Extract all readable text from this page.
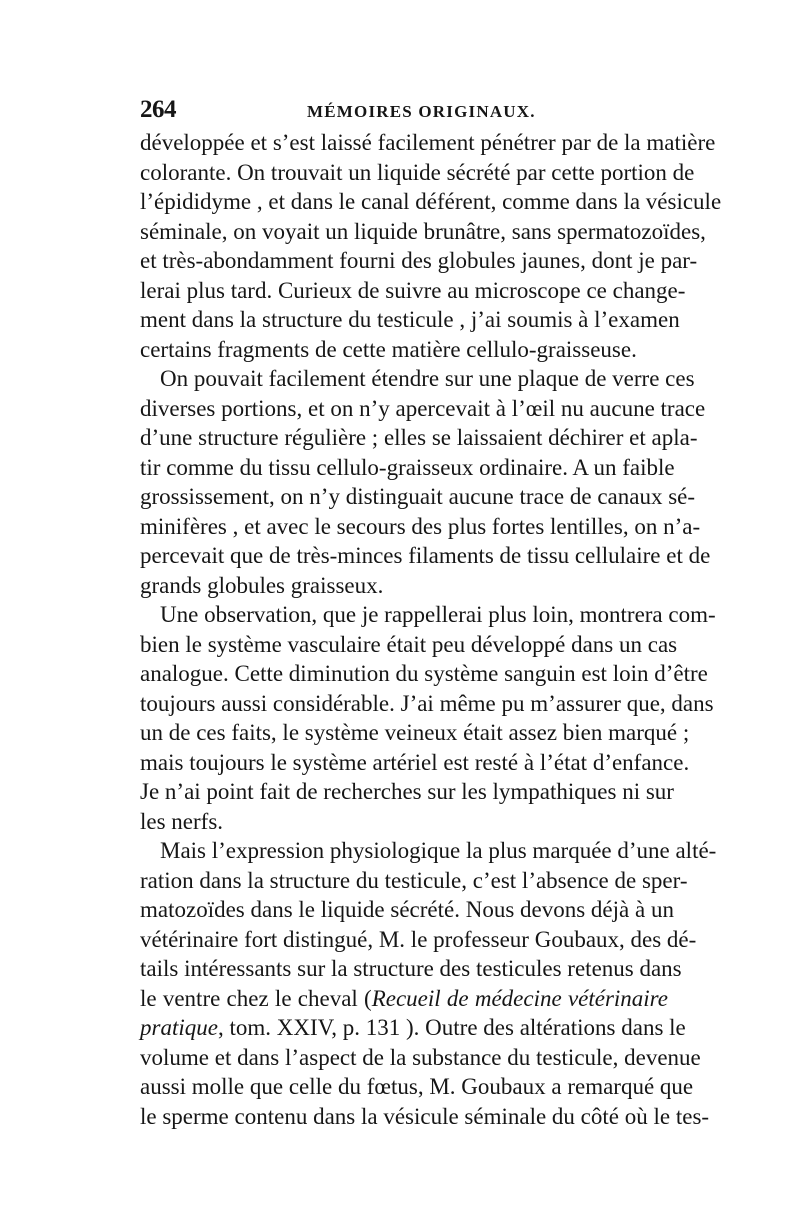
264	MÉMOIRES ORIGINAUX.
développée et s’est laissé facilement pénétrer par de la matière
colorante. On trouvait un liquide sécrété par cette portion de
l’épididyme , et dans le canal déférent, comme dans la vésicule
séminale, on voyait un liquide brunâtre, sans spermatozoïdes,
et très-abondamment fourni des globules jaunes, dont je par-
lerai plus tard. Curieux de suivre au microscope ce change-
ment dans la structure du testicule , j’ai soumis à l’examen
certains fragments de cette matière cellulo-graisseuse.
On pouvait facilement étendre sur une plaque de verre ces
diverses portions, et on n’y apercevait à l’œil nu aucune trace
d’une structure régulière ; elles se laissaient déchirer et apla-
tir comme du tissu cellulo-graisseux ordinaire. A un faible
grossissement, on n’y distinguait aucune trace de canaux sé-
minifères , et avec le secours des plus fortes lentilles, on n’a-
percevait que de très-minces filaments de tissu cellulaire et de
grands globules graisseux.
Une observation, que je rappellerai plus loin, montrera com-
bien le système vasculaire était peu développé dans un cas
analogue. Cette diminution du système sanguin est loin d’être
toujours aussi considérable. J’ai même pu m’assurer que, dans
un de ces faits, le système veineux était assez bien marqué ;
mais toujours le système artériel est resté à l’état d’enfance.
Je n’ai point fait de recherches sur les lympathiques ni sur
les nerfs.
Mais l’expression physiologique la plus marquée d’une alté-
ration dans la structure du testicule, c’est l’absence de sper-
matozoïdes dans le liquide sécrété. Nous devons déjà à un
vétérinaire fort distingué, M. le professeur Goubaux, des dé-
tails intéressants sur la structure des testicules retenus dans
le ventre chez le cheval (Recueil de médecine vétérinaire
pratique, tom. XXIV, p. 131 ). Outre des altérations dans le
volume et dans l’aspect de la substance du testicule, devenue
aussi molle que celle du fœtus, M. Goubaux a remarqué que
le sperme contenu dans la vésicule séminale du côté où le tes-
